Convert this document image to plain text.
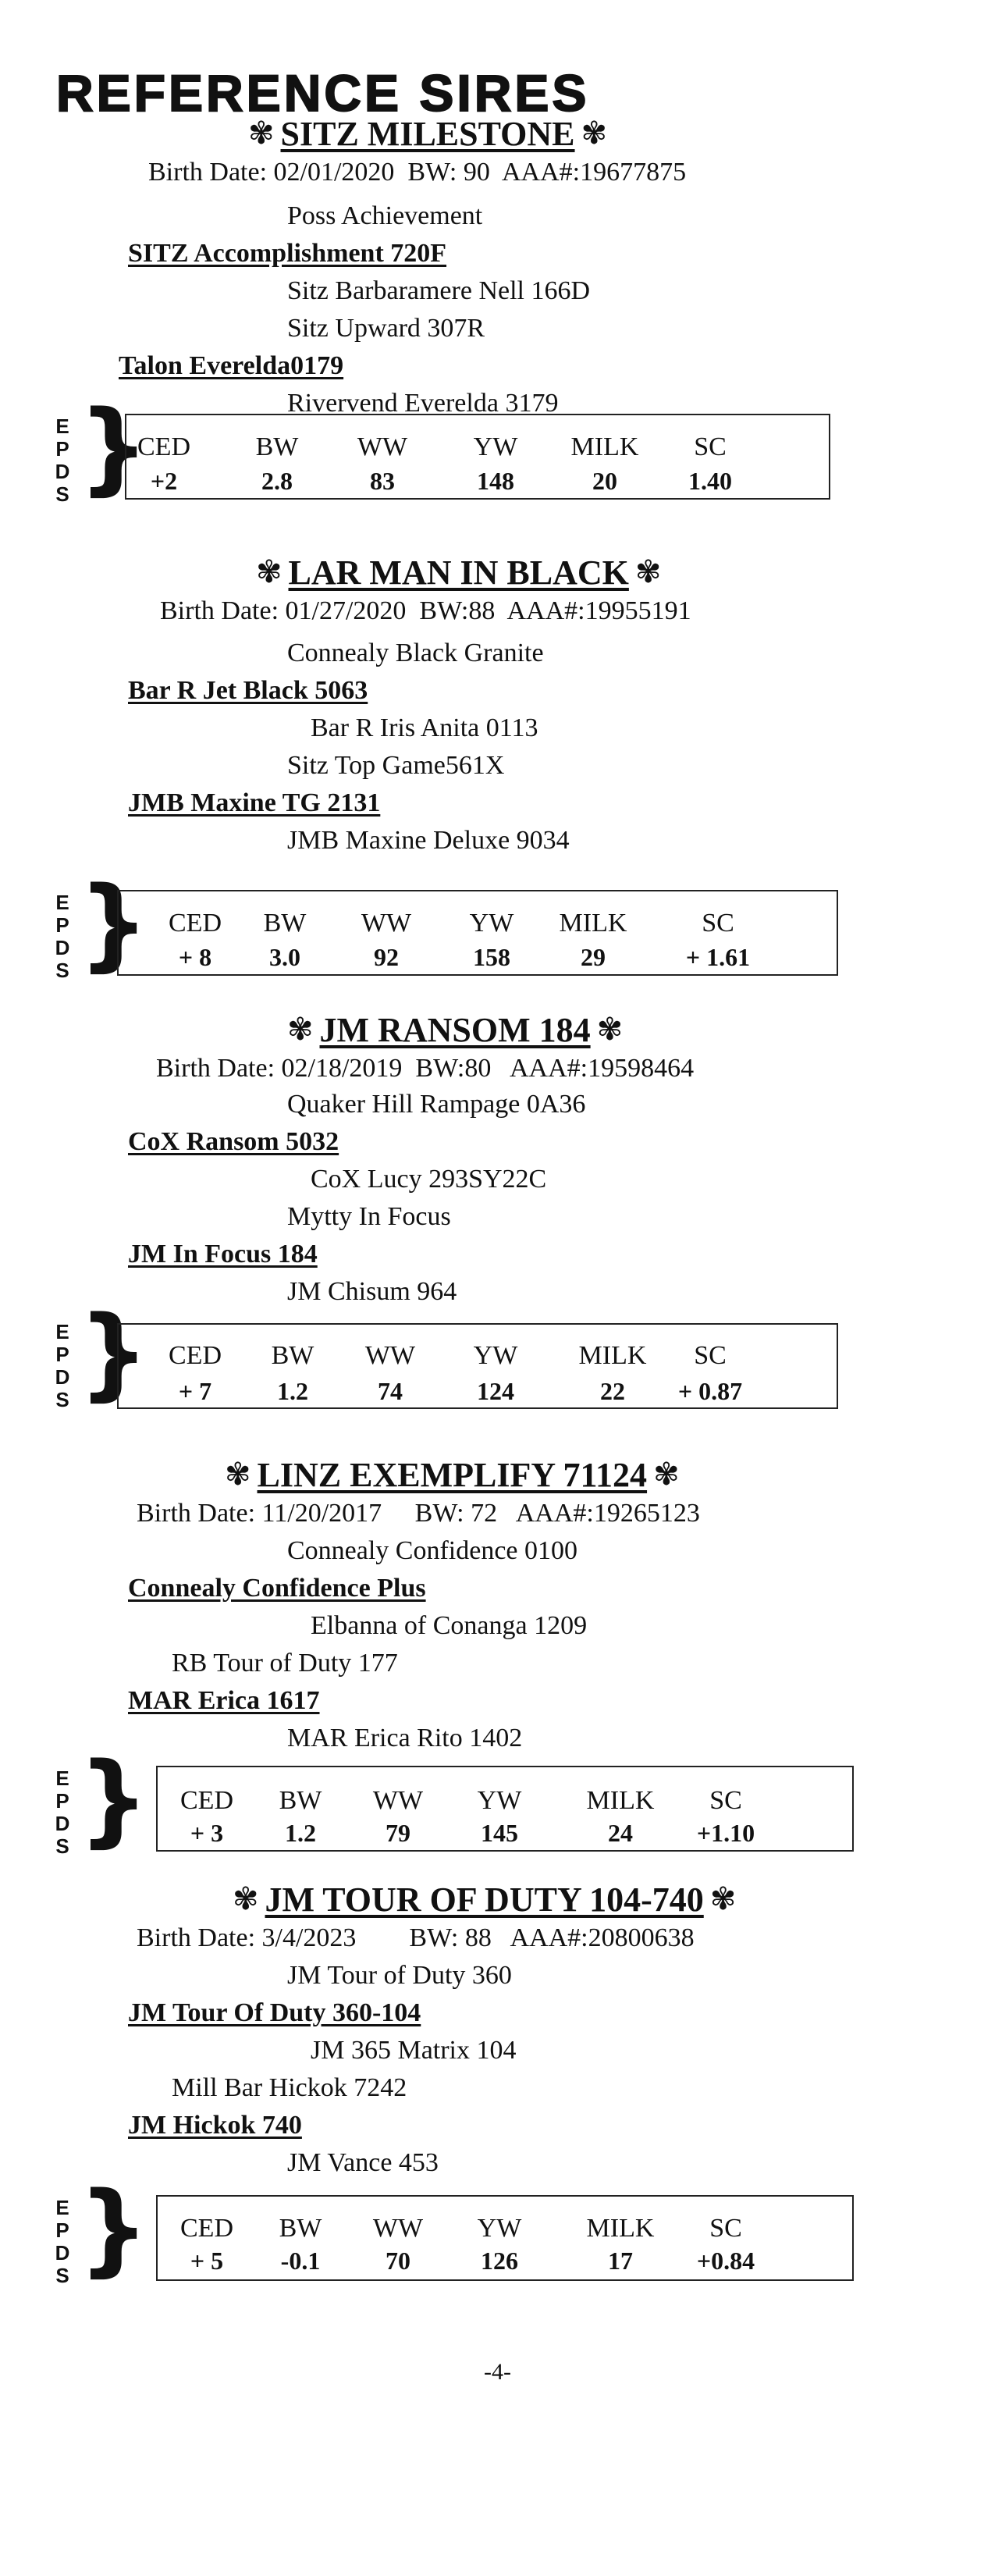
REFERENCE SIRES
✾ SITZ MILESTONE ✾
Birth Date: 02/01/2020  BW: 90  AAA#:19677875
Poss Achievement
SITZ Accomplishment 720F
Sitz Barbaramere Nell 166D
Sitz Upward 307R
Talon Everelda0179
Rivervend Everelda 3179
E
P
D
S }
CED
+2
BW
2.8
WW
83
YW
148
MILK
20
SC
1.40
✾ LAR MAN IN BLACK ✾
Birth Date: 01/27/2020  BW:88  AAA#:19955191
Connealy Black Granite
Bar R Jet Black 5063
Bar R Iris Anita 0113
Sitz Top Game561X
JMB Maxine TG 2131
JMB Maxine Deluxe 9034
E
P
D
S } CED
+ 8
BW
3.0
WW
92
YW
158
MILK
29
SC
+ 1.61
✾ JM RANSOM 184 ✾
Birth Date: 02/18/2019  BW:80   AAA#:19598464
Quaker Hill Rampage 0A36
CoX Ransom 5032
CoX Lucy 293SY22C
Mytty In Focus
JM In Focus 184
JM Chisum 964
E
P
D
S } CED
+ 7
BW
1.2
WW
74
YW
124
MILK
22
SC
+ 0.87
✾ LINZ EXEMPLIFY 71124 ✾
Birth Date: 11/20/2017     BW: 72   AAA#:19265123
Connealy Confidence 0100
Connealy Confidence Plus
Elbanna of Conanga 1209
RB Tour of Duty 177
MAR Erica 1617
MAR Erica Rito 1402
E
P
D
S }	CED
+ 3
BW
1.2
WW
79
YW
145
MILK
24
SC
+1.10
✾ JM TOUR OF DUTY 104-740 ✾
Birth Date: 3/4/2023        BW: 88   AAA#:20800638
JM Tour of Duty 360
JM Tour Of Duty 360-104
JM 365 Matrix 104
Mill Bar Hickok 7242
JM Hickok 740
JM Vance 453
E
P
D
S }	CED
+ 5
BW
-0.1
WW
70
YW
126
MILK
17
SC
+0.84
-4-
